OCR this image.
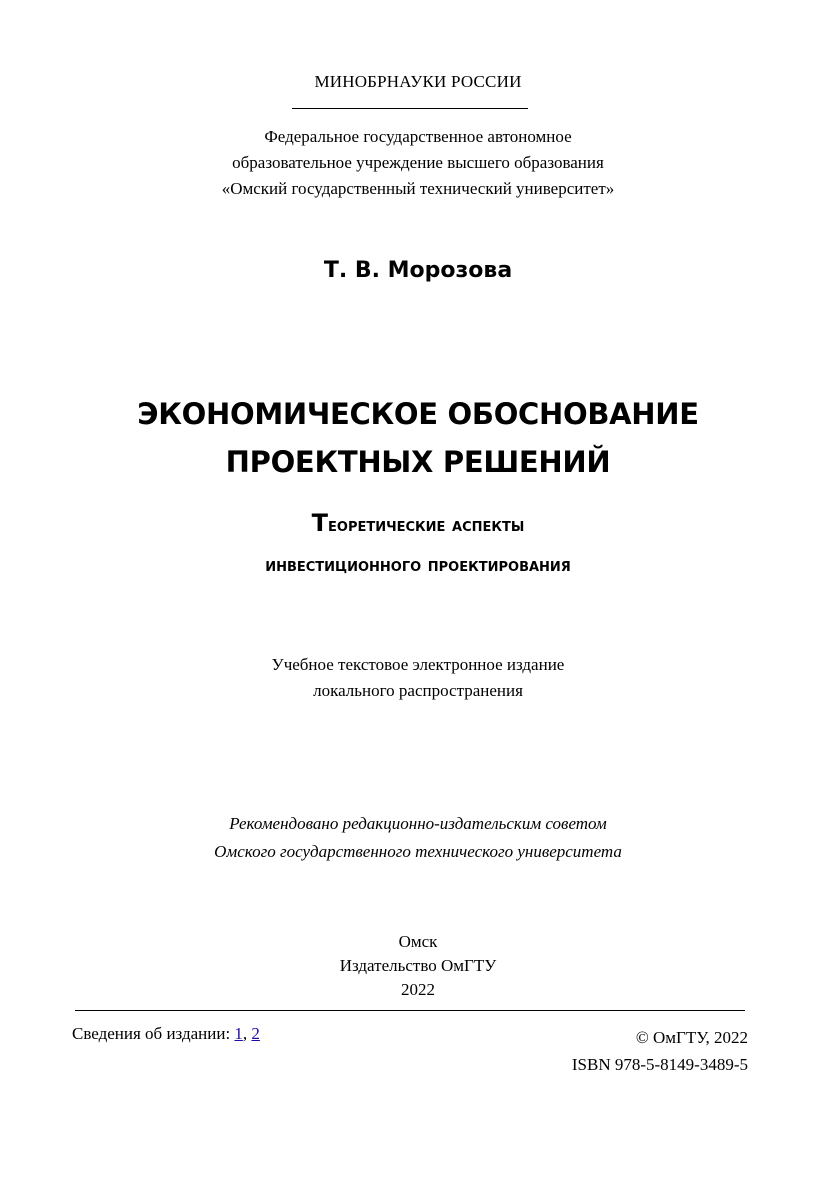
МИНОБРНАУКИ РОССИИ
Федеральное государственное автономное
образовательное учреждение высшего образования
«Омский государственный технический университет»
Т. В. Морозова
ЭКОНОМИЧЕСКОЕ ОБОСНОВАНИЕ
ПРОЕКТНЫХ РЕШЕНИЙ
Теоретические аспекты
инвестиционного проектирования
Учебное текстовое электронное издание
локального распространения
Рекомендовано редакционно-издательским советом
Омского государственного технического университета
Омск
Издательство ОмГТУ
2022
Сведения об издании: 1, 2	© ОмГТУ, 2022
ISBN 978-5-8149-3489-5
